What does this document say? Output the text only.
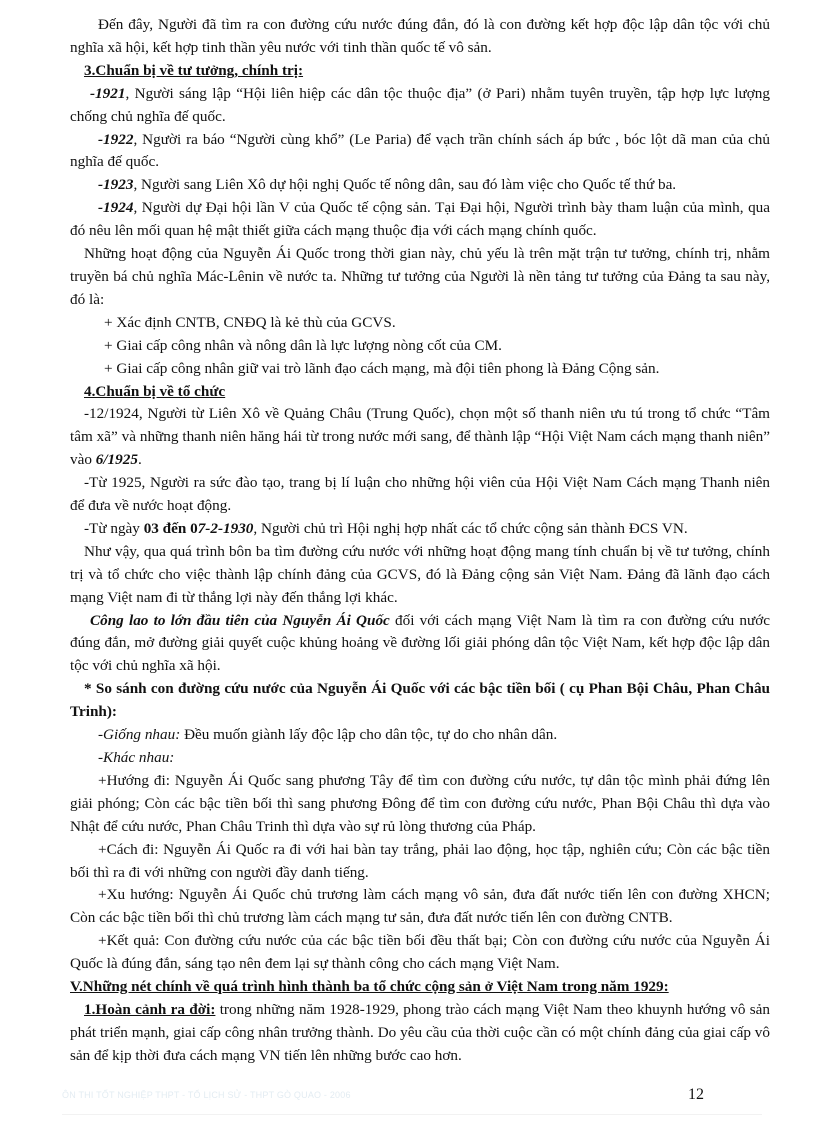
Đến đây, Người đã tìm ra con đường cứu nước đúng đắn, đó là con đường kết hợp độc lập dân tộc với chủ nghĩa xã hội, kết hợp tinh thần yêu nước với tinh thần quốc tế vô sản.

3.Chuẩn bị về tư tưởng, chính trị:

-1921, Người sáng lập “Hội liên hiệp các dân tộc thuộc địa” (ở Pari) nhằm tuyên truyền, tập hợp lực lượng chống chủ nghĩa đế quốc.

-1922, Người ra báo “Người cùng khổ” (Le Paria) để vạch trần chính sách áp bức , bóc lột dã man của chủ nghĩa đế quốc.

-1923, Người sang Liên Xô dự hội nghị Quốc tế nông dân, sau đó làm việc cho Quốc tế thứ ba.

-1924, Người dự Đại hội lần V của Quốc tế cộng sản. Tại Đại hội, Người trình bày tham luận của mình, qua đó nêu lên mối quan hệ mật thiết giữa cách mạng thuộc địa với cách mạng chính quốc.

Những hoạt động của Nguyễn Ái Quốc trong thời gian này, chủ yếu là trên mặt trận tư tưởng, chính trị, nhằm truyền bá chủ nghĩa Mác-Lênin về nước ta. Những tư tưởng của Người là nền tảng tư tưởng của Đảng ta sau này, đó là:

+ Xác định CNTB, CNĐQ là kẻ thù của GCVS.

+ Giai cấp công nhân và nông dân là lực lượng nòng cốt của CM.

+ Giai cấp công nhân giữ vai trò lãnh đạo cách mạng, mà đội tiên phong là Đảng Cộng sản.

4.Chuẩn bị về tổ chức

-12/1924, Người từ Liên Xô về Quảng Châu (Trung Quốc), chọn một số thanh niên ưu tú trong tổ chức “Tâm tâm xã” và những thanh niên hăng hái từ trong nước mới sang, để thành lập “Hội Việt Nam cách mạng thanh niên” vào 6/1925.

-Từ 1925, Người ra sức đào tạo, trang bị lí luận cho những hội viên của Hội Việt Nam Cách mạng Thanh niên để đưa về nước hoạt động.

-Từ ngày 03 đến 07-2-1930, Người chủ trì Hội nghị hợp nhất các tổ chức cộng sản thành ĐCS VN.

Như vậy, qua quá trình bôn ba tìm đường cứu nước với những hoạt động mang tính chuẩn bị về tư tưởng, chính trị và tổ chức cho việc thành lập chính đảng của GCVS, đó là Đảng cộng sản Việt Nam. Đảng đã lãnh đạo cách mạng Việt nam đi từ thắng lợi này đến thắng lợi khác.

Công lao to lớn đầu tiên của Nguyễn Ái Quốc đối với cách mạng Việt Nam là tìm ra con đường cứu nước đúng đắn, mở đường giải quyết cuộc khủng hoảng về đường lối giải phóng dân tộc Việt Nam, kết hợp độc lập dân tộc với chủ nghĩa xã hội.

* So sánh con đường cứu nước của Nguyễn Ái Quốc với các bậc tiền bối ( cụ Phan Bội Châu, Phan Châu Trinh):

-Giống nhau: Đều muốn giành lấy độc lập cho dân tộc, tự do cho nhân dân.

-Khác nhau:

+Hướng đi: Nguyễn Ái Quốc sang phương Tây để tìm con đường cứu nước, tự dân tộc mình phải đứng lên giải phóng; Còn các bậc tiền bối thì sang phương Đông để tìm con đường cứu nước, Phan Bội Châu thì dựa vào Nhật để cứu nước, Phan Châu Trinh thì dựa vào sự rủ lòng thương của Pháp.

+Cách đi: Nguyễn Ái Quốc ra đi với hai bàn tay trắng, phải lao động, học tập, nghiên cứu; Còn các bậc tiền bối thì ra đi với những con người đầy danh tiếng.

+Xu hướng: Nguyễn Ái Quốc chủ trương làm cách mạng vô sản, đưa đất nước tiến lên con đường XHCN; Còn các bậc tiền bối thì chủ trương làm cách mạng tư sản, đưa đất nước tiến lên con đường CNTB.

+Kết quả: Con đường cứu nước của các bậc tiền bối đều thất bại; Còn con đường cứu nước của Nguyễn Ái Quốc là đúng đắn, sáng tạo nên đem lại sự thành công cho cách mạng Việt Nam.

V.Những nét chính về quá trình hình thành ba tổ chức cộng sản ở Việt Nam trong năm 1929:

1.Hoàn cảnh ra đời: trong những năm 1928-1929, phong trào cách mạng Việt Nam theo khuynh hướng vô sản phát triển mạnh, giai cấp công nhân trưởng thành. Do yêu cầu của thời cuộc cần có một chính đảng của giai cấp vô sản để kịp thời đưa cách mạng VN tiến lên những bước cao hơn.

ÔN THI TỐT NGHIỆP THPT - TỔ LỊCH SỬ - THPT GÒ QUAO - 2006	12
